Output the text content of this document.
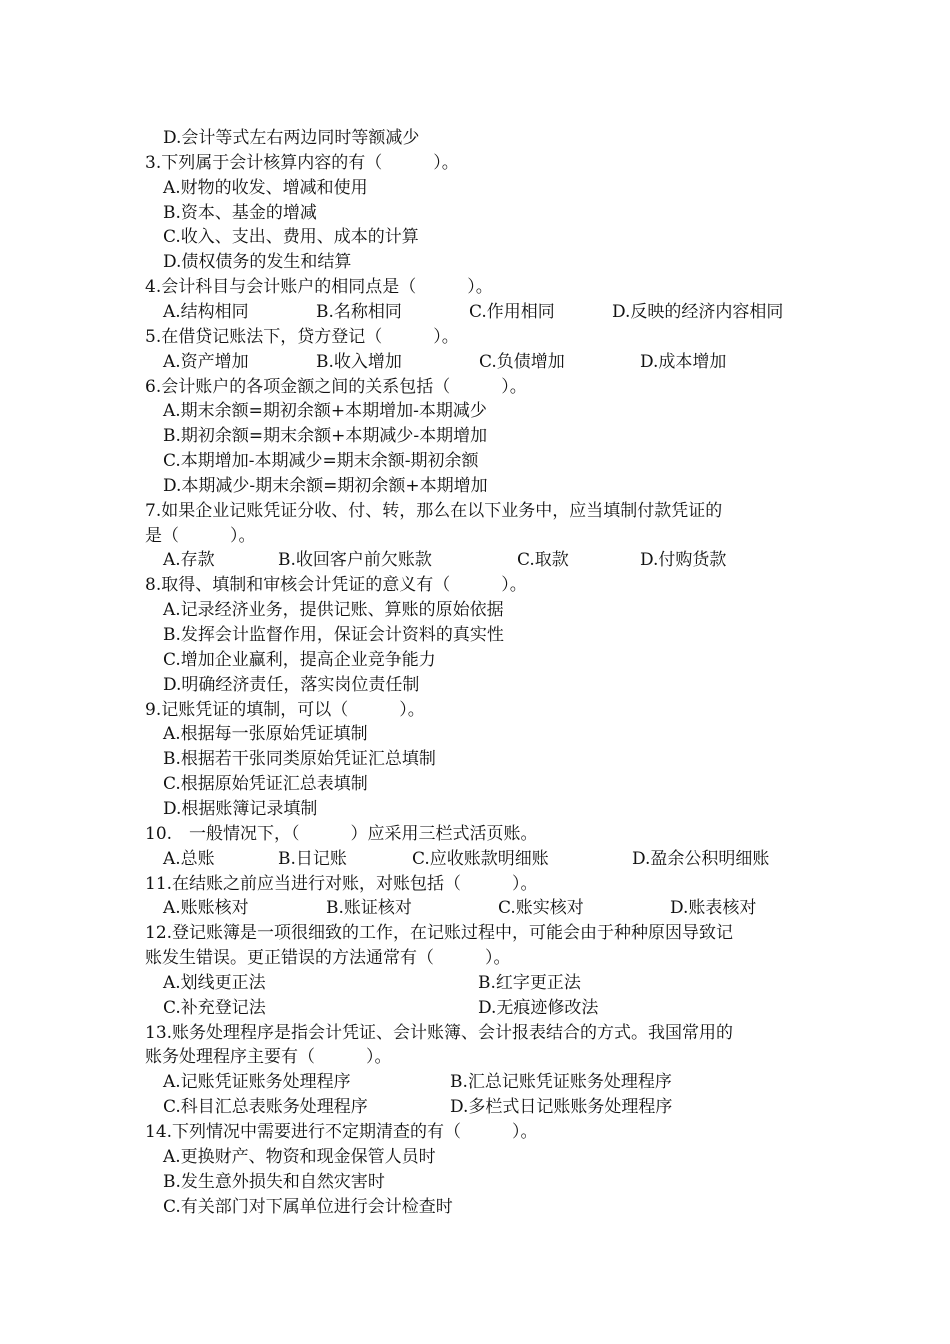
D.会计等式左右两边同时等额减少
3.下列属于会计核算内容的有（　　　）。
A.财物的收发、增减和使用
B.资本、基金的增减
C.收入、支出、费用、成本的计算
D.债权债务的发生和结算
4.会计科目与会计账户的相同点是（　　　）。
A.结构相同	B.名称相同	C.作用相同	D.反映的经济内容相同
5.在借贷记账法下，贷方登记（　　　）。
A.资产增加	B.收入增加	C.负债增加	D.成本增加
6.会计账户的各项金额之间的关系包括（　　　）。
A.期末余额=期初余额+本期增加-本期减少
B.期初余额=期末余额+本期减少-本期增加
C.本期增加-本期减少=期末余额-期初余额
D.本期减少-期末余额=期初余额+本期增加
7.如果企业记账凭证分收、付、转，那么在以下业务中，应当填制付款凭证的
是（　　　）。
A.存款	B.收回客户前欠账款	C.取款	D.付购货款
8.取得、填制和审核会计凭证的意义有（　　　）。
A.记录经济业务，提供记账、算账的原始依据
B.发挥会计监督作用，保证会计资料的真实性
C.增加企业赢利，提高企业竞争能力
D.明确经济责任，落实岗位责任制
9.记账凭证的填制，可以（　　　）。
A.根据每一张原始凭证填制
B.根据若干张同类原始凭证汇总填制
C.根据原始凭证汇总表填制
D.根据账簿记录填制
10.　一般情况下，（　　　）应采用三栏式活页账。
A.总账	B.日记账	C.应收账款明细账	D.盈余公积明细账
11.在结账之前应当进行对账，对账包括（　　　）。
A.账账核对	B.账证核对	C.账实核对	D.账表核对
12.登记账簿是一项很细致的工作，在记账过程中，可能会由于种种原因导致记
账发生错误。更正错误的方法通常有（　　　）。
A.划线更正法	B.红字更正法
C.补充登记法	D.无痕迹修改法
13.账务处理程序是指会计凭证、会计账簿、会计报表结合的方式。我国常用的
账务处理程序主要有（　　　）。
A.记账凭证账务处理程序	B.汇总记账凭证账务处理程序
C.科目汇总表账务处理程序	D.多栏式日记账账务处理程序
14.下列情况中需要进行不定期清查的有（　　　）。
A.更换财产、物资和现金保管人员时
B.发生意外损失和自然灾害时
C.有关部门对下属单位进行会计检查时
